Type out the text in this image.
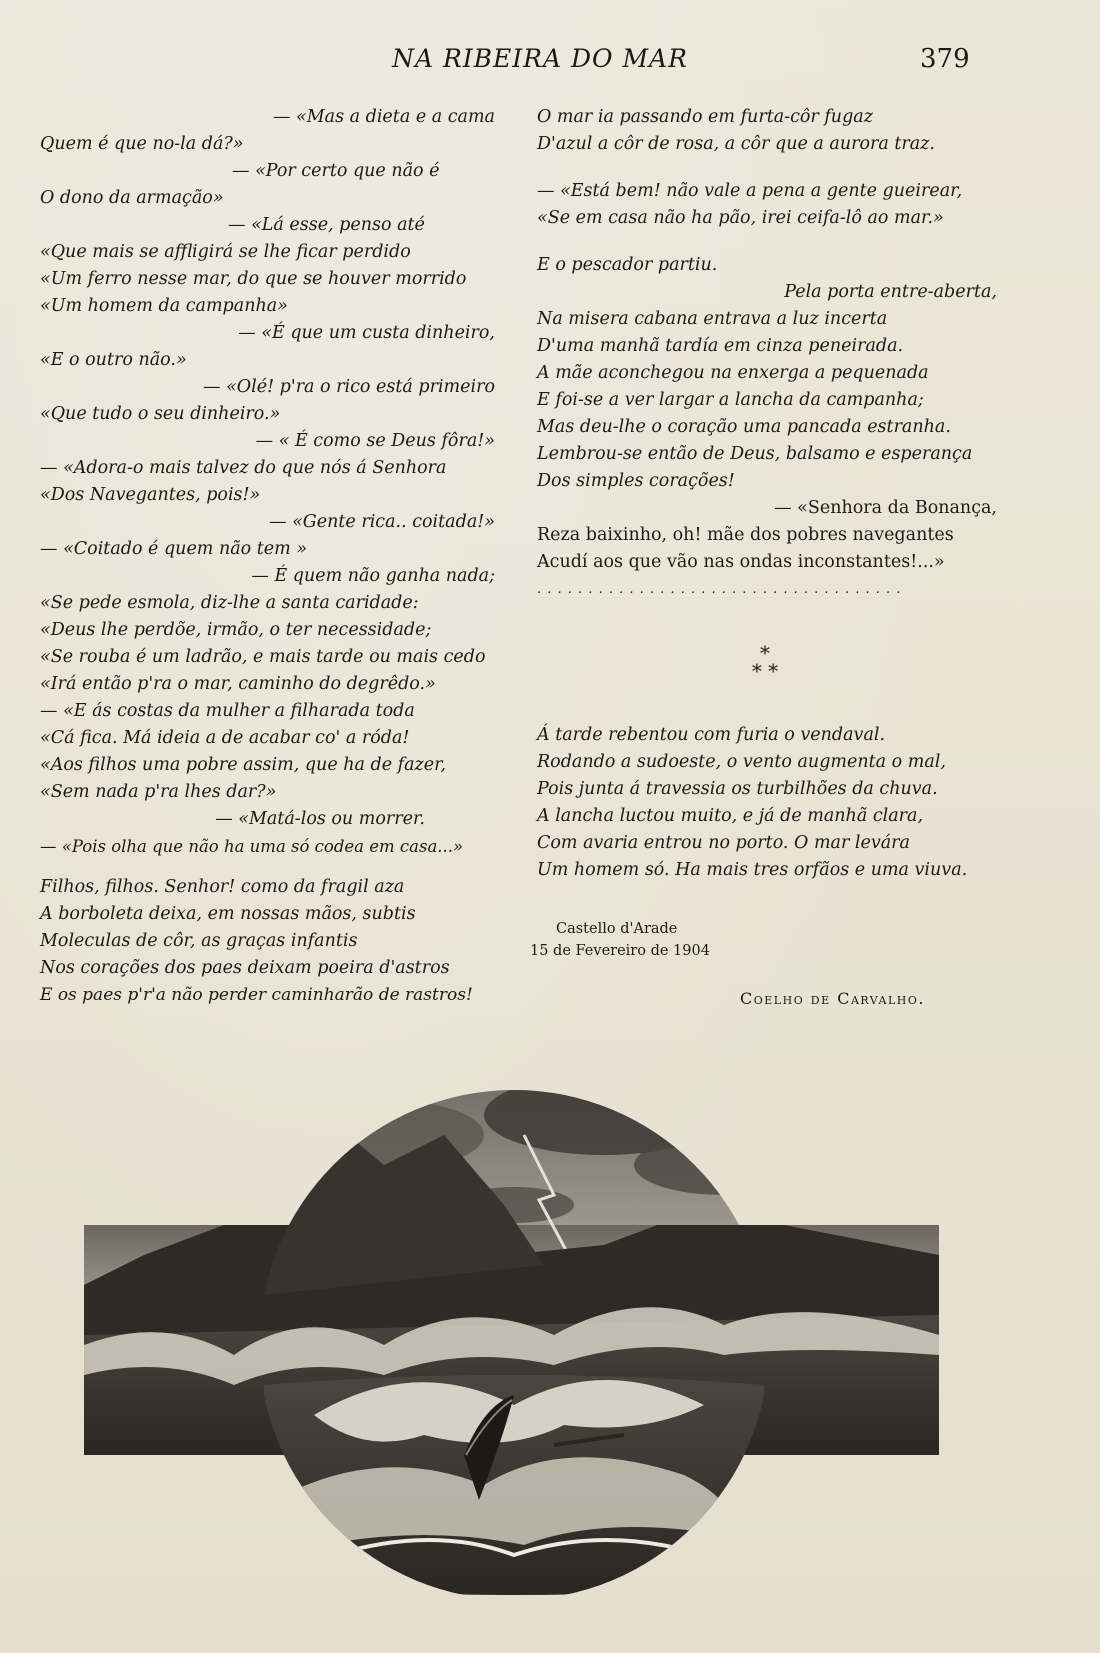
NA RIBEIRA DO MAR	379
— «Mas a dieta e a cama
Quem é que no-la dá?»
— «Por certo que não é
O dono da armação»
— «Lá esse, penso até
«Que mais se affligirá se lhe ficar perdido
«Um ferro nesse mar, do que se houver morrido
«Um homem da campanha»
— «É que um custa dinheiro,
«E o outro não.»
— «Olé! p'ra o rico está primeiro
«Que tudo o seu dinheiro.»
— « É como se Deus fôra!»
— «Adora-o mais talvez do que nós á Senhora
«Dos Navegantes, pois!»
— «Gente rica.. coitada!»
— «Coitado é quem não tem »
— É quem não ganha nada;
«Se pede esmola, diz-lhe a santa caridade:
«Deus lhe perdõe, irmão, o ter necessidade;
«Se rouba é um ladrão, e mais tarde ou mais cedo
«Irá então p'ra o mar, caminho do degrêdo.»
— «E ás costas da mulher a filharada toda
«Cá fica. Má ideia a de acabar co' a róda!
«Aos filhos uma pobre assim, que ha de fazer,
«Sem nada p'ra lhes dar?»
— «Matá-los ou morrer.
— «Pois olha que não ha uma só codea em casa...»
Filhos, filhos. Senhor! como da fragil aza
A borboleta deixa, em nossas mãos, subtis
Moleculas de côr, as graças infantis
Nos corações dos paes deixam poeira d'astros
E os paes p'r'a não perder caminharão de rastros!
O mar ia passando em furta-côr fugaz
D'azul a côr de rosa, a côr que a aurora traz.
— «Está bem! não vale a pena a gente gueirear,
«Se em casa não ha pão, irei ceifa-lô ao mar.»
E o pescador partiu.
Pela porta entre-aberta,
Na misera cabana entrava a luz incerta
D'uma manhã tardía em cinza peneirada.
A mãe aconchegou na enxerga a pequenada
E foi-se a ver largar a lancha da campanha;
Mas deu-lhe o coração uma pancada estranha.
Lembrou-se então de Deus, balsamo e esperança
Dos simples corações!
— «Senhora da Bonança,
Reza baixinho, oh! mãe dos pobres navegantes
Acudí aos que vão nas ondas inconstantes!...»
. . . . . . . . . . . . . . . . . . . . . . . . . . . . . . . . . . . .
*
* *
Á tarde rebentou com furia o vendaval.
Rodando a sudoeste, o vento augmenta o mal,
Pois junta á travessia os turbilhões da chuva.
A lancha luctou muito, e já de manhã clara,
Com avaria entrou no porto. O mar levára
Um homem só. Ha mais tres orfãos e uma viuva.
Castello d'Arade
15 de Fevereiro de 1904
Coelho de Carvalho.
